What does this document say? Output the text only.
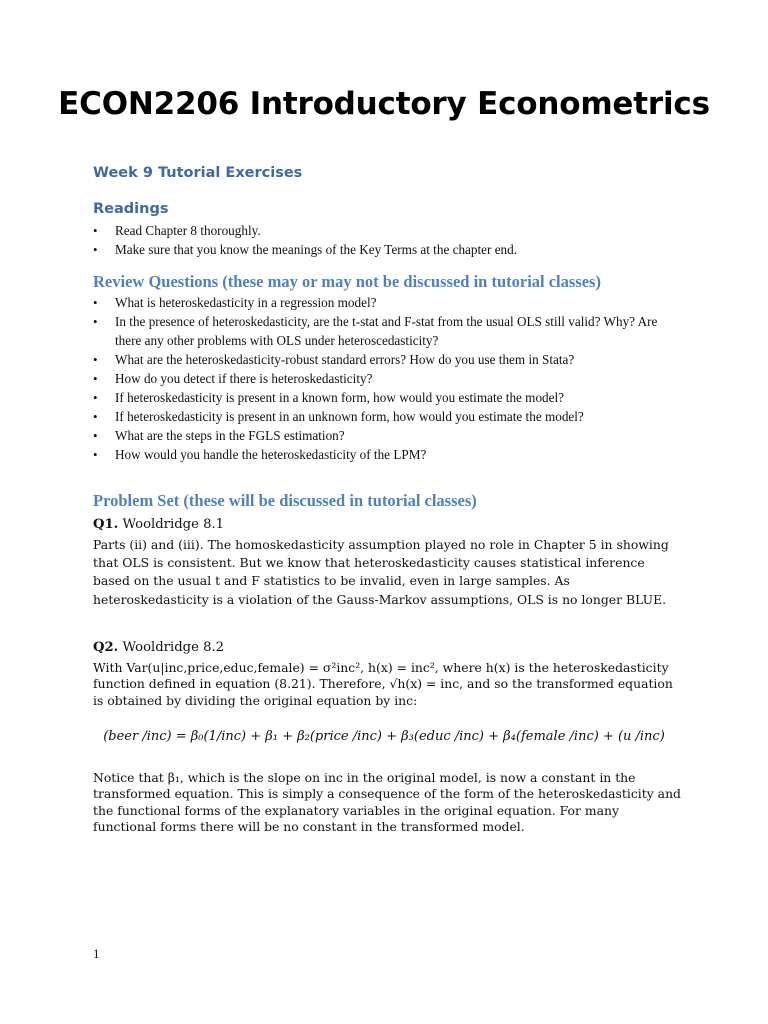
ECON2206 Introductory Econometrics
Week 9 Tutorial Exercises
Readings
• Read Chapter 8 thoroughly.
• Make sure that you know the meanings of the Key Terms at the chapter end.
Review Questions (these may or may not be discussed in tutorial classes)
• What is heteroskedasticity in a regression model?
• In the presence of heteroskedasticity, are the t-stat and F-stat from the usual OLS still valid? Why? Are there any other problems with OLS under heteroscedasticity?
• What are the heteroskedasticity-robust standard errors? How do you use them in Stata?
• How do you detect if there is heteroskedasticity?
• If heteroskedasticity is present in a known form, how would you estimate the model?
• If heteroskedasticity is present in an unknown form, how would you estimate the model?
• What are the steps in the FGLS estimation?
• How would you handle the heteroskedasticity of the LPM?
Problem Set (these will be discussed in tutorial classes)
Q1. Wooldridge 8.1
Parts (ii) and (iii). The homoskedasticity assumption played no role in Chapter 5 in showing that OLS is consistent. But we know that heteroskedasticity causes statistical inference based on the usual t and F statistics to be invalid, even in large samples. As heteroskedasticity is a violation of the Gauss-Markov assumptions, OLS is no longer BLUE.
Q2. Wooldridge 8.2
With Var(u|inc,price,educ,female) = σ²inc², h(x) = inc², where h(x) is the heteroskedasticity function defined in equation (8.21). Therefore, √h(x) = inc, and so the transformed equation is obtained by dividing the original equation by inc:
(beer /inc) = β₀(1/inc) + β₁ + β₂(price /inc) + β₃(educ /inc) + β₄(female /inc) + (u /inc)
Notice that β₁, which is the slope on inc in the original model, is now a constant in the transformed equation. This is simply a consequence of the form of the heteroskedasticity and the functional forms of the explanatory variables in the original equation. For many functional forms there will be no constant in the transformed model.
1
